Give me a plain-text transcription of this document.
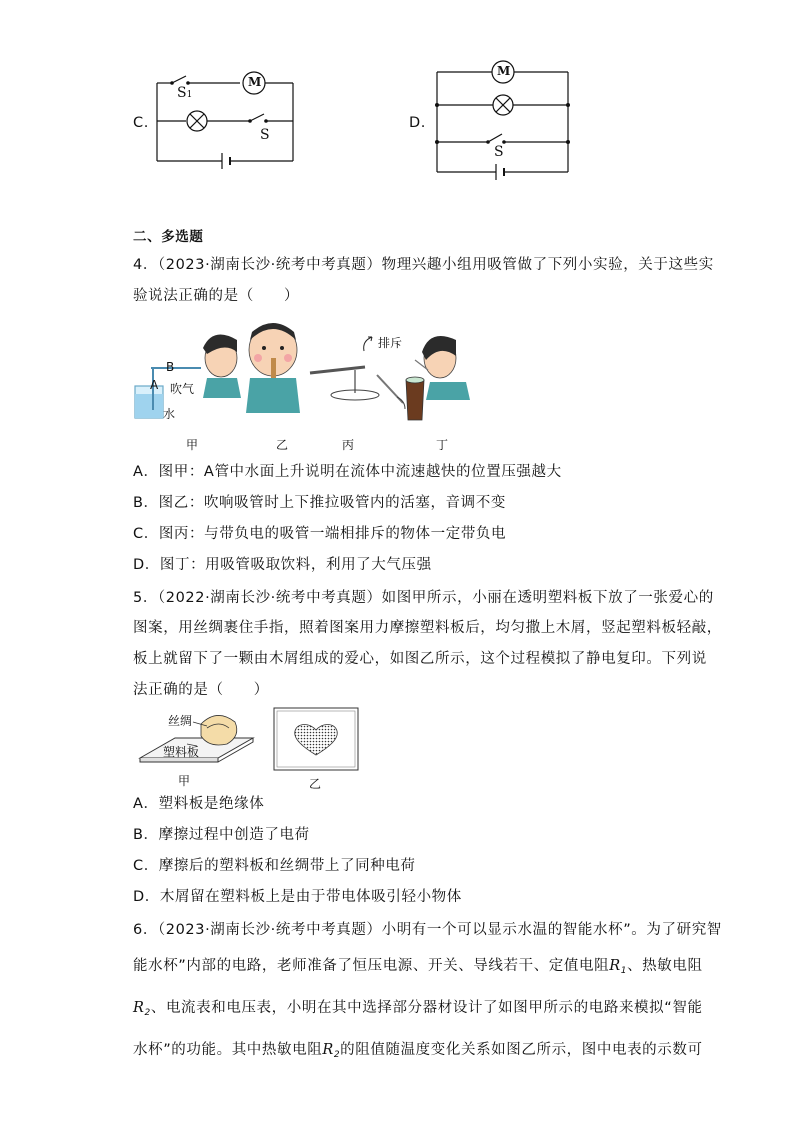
C.
S1
M
S
D.
M
S
二、多选题
4．（2023·湖南长沙·统考中考真题）物理兴趣小组用吸管做了下列小实验，关于这些实
验说法正确的是（　　）
B
A 吹气
水
排斥
甲	乙	丙	丁
A．图甲：A管中水面上升说明在流体中流速越快的位置压强越大
B．图乙：吹响吸管时上下推拉吸管内的活塞，音调不变
C．图丙：与带负电的吸管一端相排斥的物体一定带负电
D．图丁：用吸管吸取饮料，利用了大气压强
5．（2022·湖南长沙·统考中考真题）如图甲所示，小丽在透明塑料板下放了一张爱心的
图案，用丝绸裹住手指，照着图案用力摩擦塑料板后，均匀撒上木屑，竖起塑料板轻敲，
板上就留下了一颗由木屑组成的爱心，如图乙所示，这个过程模拟了静电复印。下列说
法正确的是（　　）
丝绸
塑料板
甲	乙
A．塑料板是绝缘体
B．摩擦过程中创造了电荷
C．摩擦后的塑料板和丝绸带上了同种电荷
D．木屑留在塑料板上是由于带电体吸引轻小物体
6．（2023·湖南长沙·统考中考真题）小明有一个可以显示水温的智能水杯”。为了研究智
能水杯”内部的电路，老师准备了恒压电源、开关、导线若干、定值电阻$R_1$、热敏电阻
$R_2$、电流表和电压表，小明在其中选择部分器材设计了如图甲所示的电路来模拟“智能
水杯”的功能。其中热敏电阻$R_2$的阻值随温度变化关系如图乙所示，图中电表的示数可
